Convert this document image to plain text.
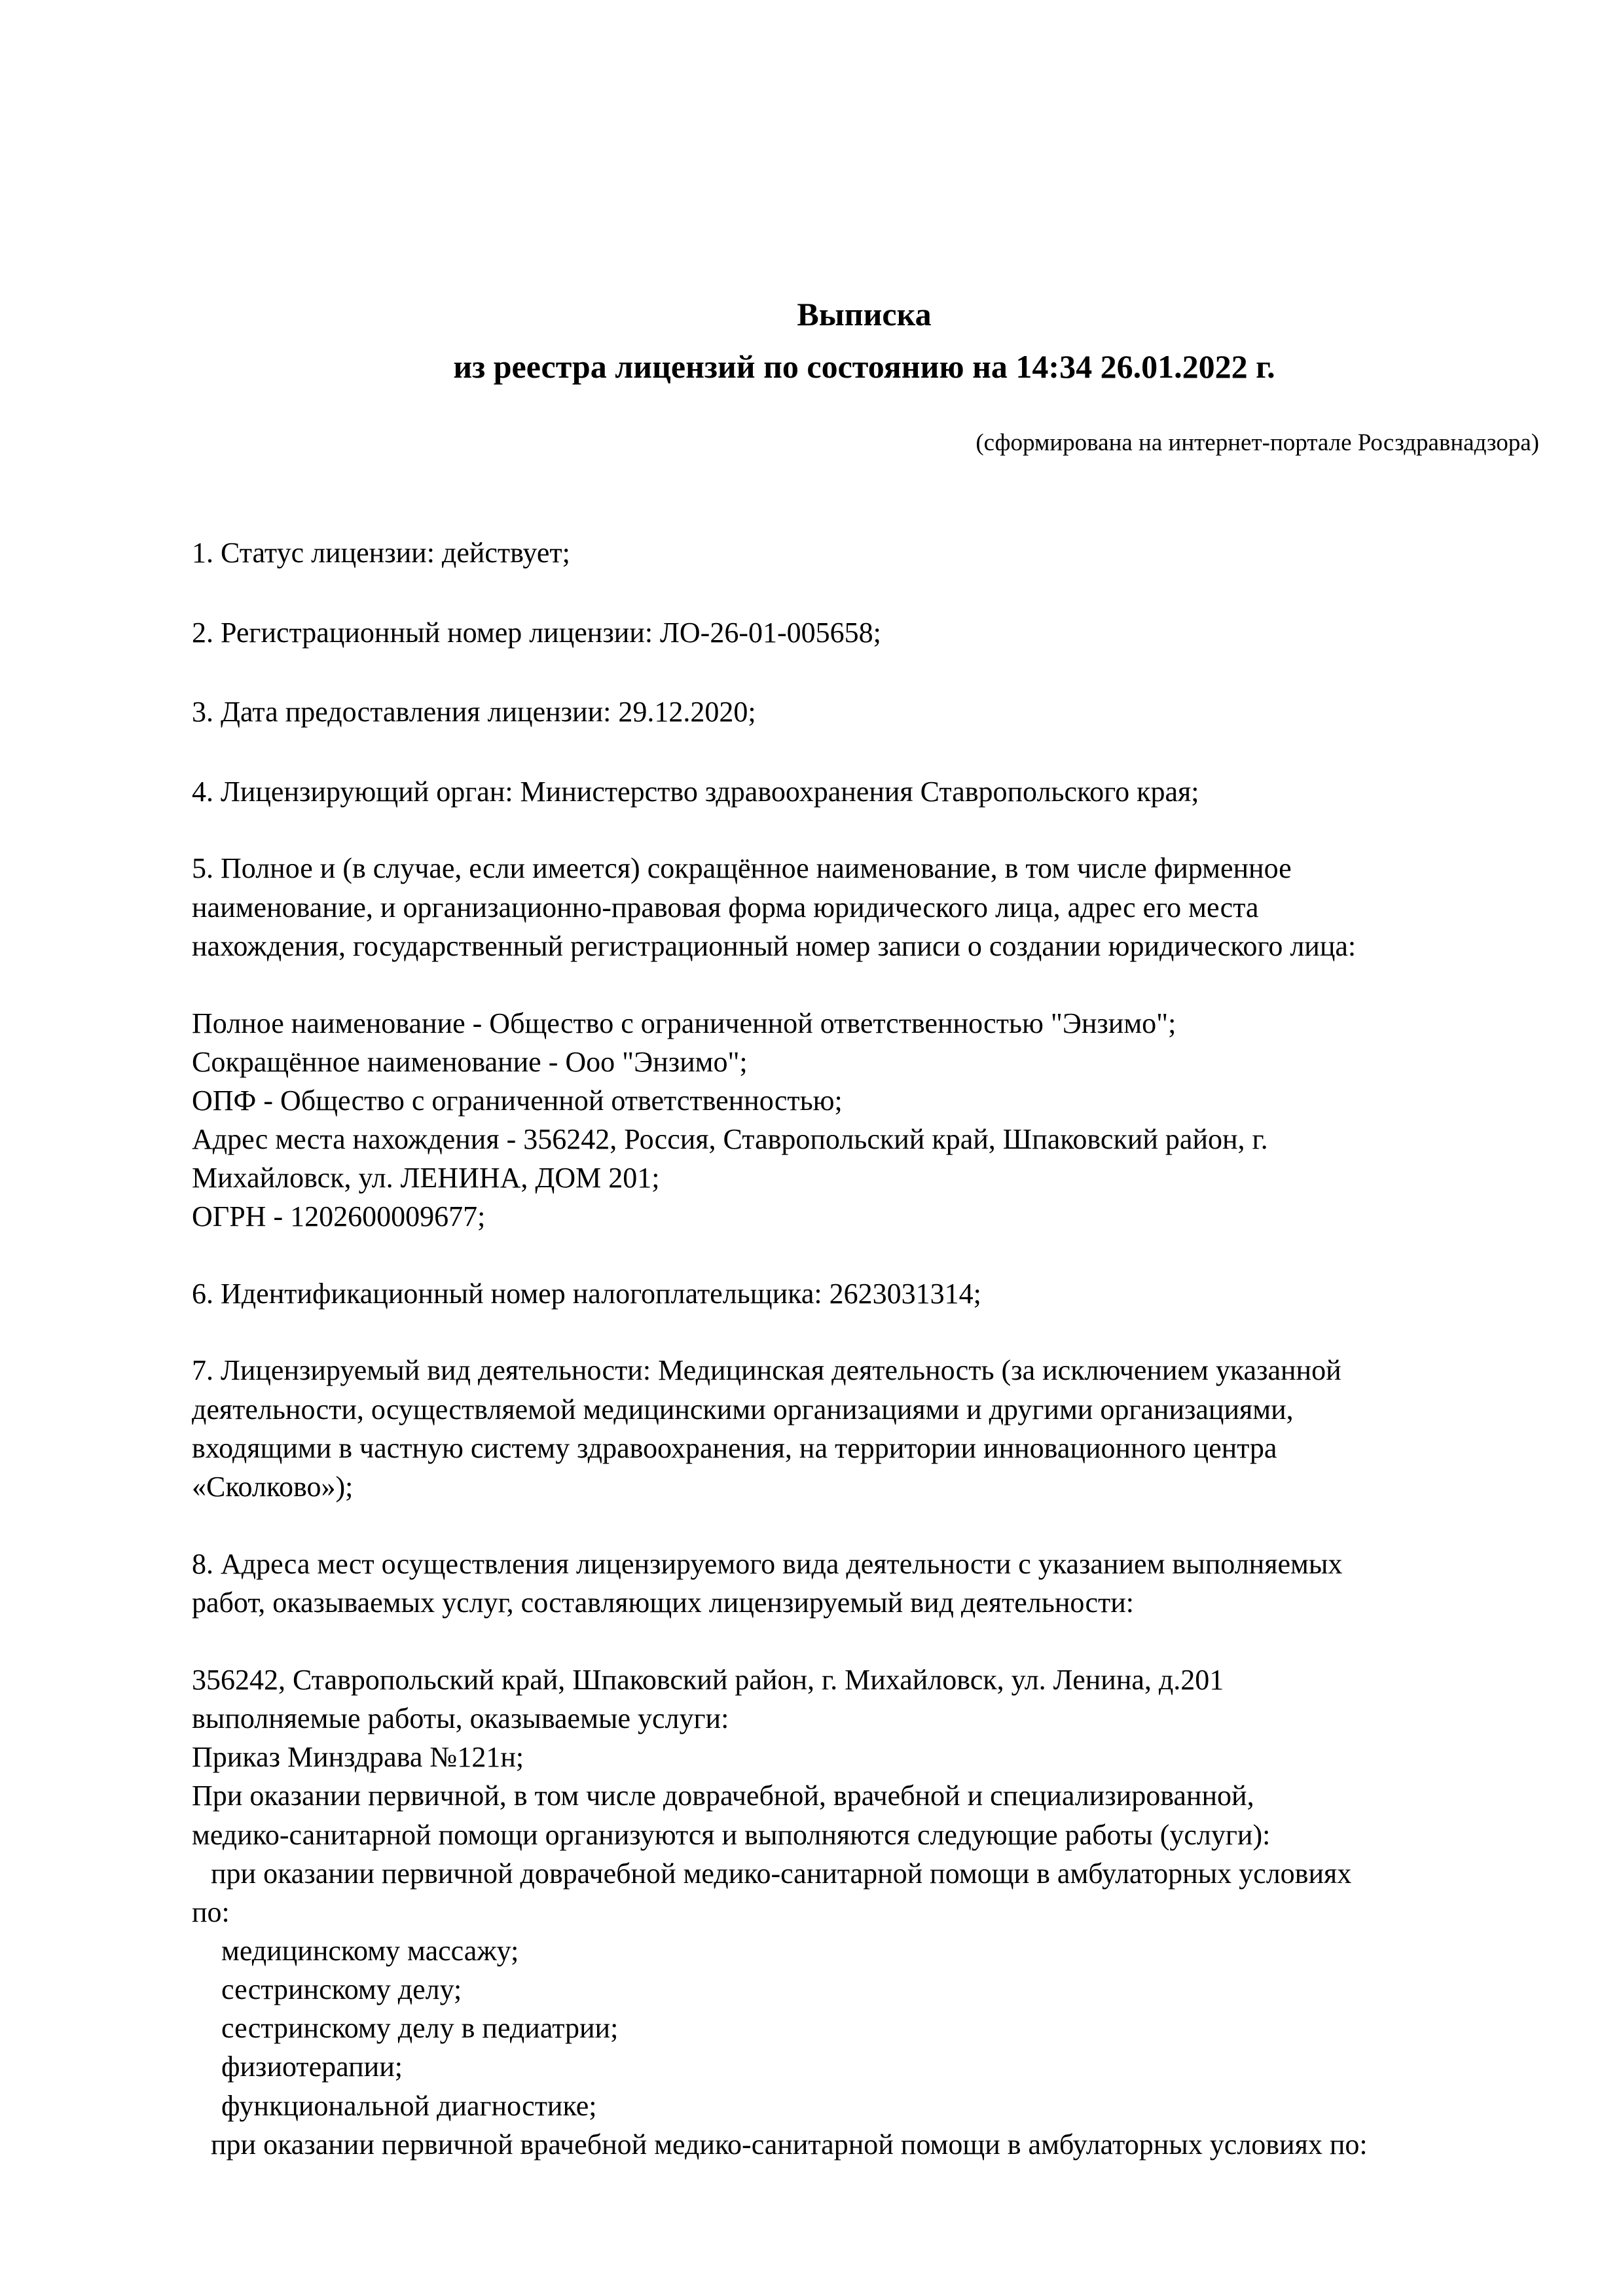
Выписка
из реестра лицензий по состоянию на 14:34 26.01.2022 г.
(сформирована на интернет-портале Росздравнадзора)
1. Статус лицензии: действует;
2. Регистрационный номер лицензии: ЛО-26-01-005658;
3. Дата предоставления лицензии: 29.12.2020;
4. Лицензирующий орган: Министерство здравоохранения Ставропольского края;
5. Полное и (в случае, если имеется) сокращённое наименование, в том числе фирменное
наименование, и организационно-правовая форма юридического лица, адрес его места
нахождения, государственный регистрационный номер записи о создании юридического лица:
Полное наименование - Общество с ограниченной ответственностью "Энзимо";
Сокращённое наименование - Ооо "Энзимо";
ОПФ - Общество с ограниченной ответственностью;
Адрес места нахождения - 356242, Россия, Ставропольский край, Шпаковский район, г.
Михайловск, ул. ЛЕНИНА, ДОМ 201;
ОГРН - 1202600009677;
6. Идентификационный номер налогоплательщика: 2623031314;
7. Лицензируемый вид деятельности: Медицинская деятельность (за исключением указанной
деятельности, осуществляемой медицинскими организациями и другими организациями,
входящими в частную систему здравоохранения, на территории инновационного центра
«Сколково»);
8. Адреса мест осуществления лицензируемого вида деятельности с указанием выполняемых
работ, оказываемых услуг, составляющих лицензируемый вид деятельности:
356242, Ставропольский край, Шпаковский район, г. Михайловск, ул. Ленина, д.201
выполняемые работы, оказываемые услуги:
Приказ Минздрава №121н;
При оказании первичной, в том числе доврачебной, врачебной и специализированной,
медико-санитарной помощи организуются и выполняются следующие работы (услуги):
при оказании первичной доврачебной медико-санитарной помощи в амбулаторных условиях
по:
медицинскому массажу;
сестринскому делу;
сестринскому делу в педиатрии;
физиотерапии;
функциональной диагностике;
при оказании первичной врачебной медико-санитарной помощи в амбулаторных условиях по:
